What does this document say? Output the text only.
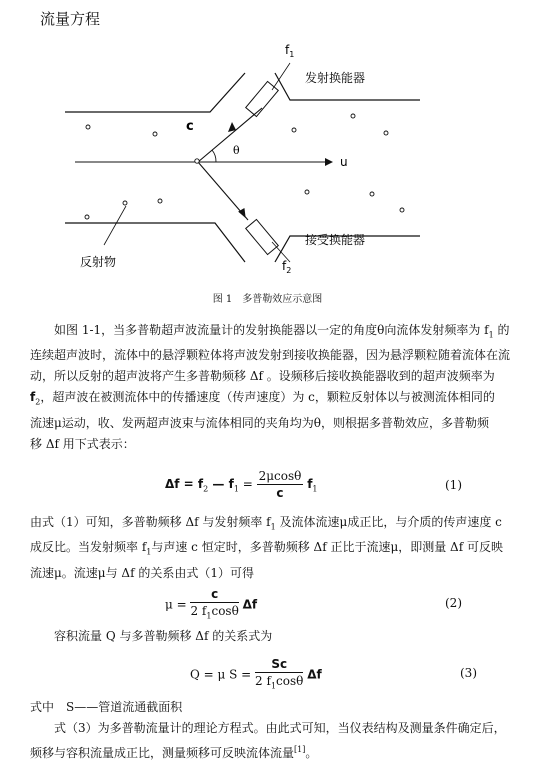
流量方程
$f_1$
发射换能器
c
θ
u
接受换能器
$f_2$
反射物
图 1　多普勒效应示意图
如图 1-1，当多普勒超声波流量计的发射换能器以一定的角度θ向流体发射频率为 $f_1$ 的
连续超声波时，流体中的悬浮颗粒体将声波发射到接收换能器，因为悬浮颗粒随着流体在流
动，所以反射的超声波将产生多普勒频移 Δf 。设频移后接收换能器收到的超声波频率为
$f_2$，超声波在被测流体中的传播速度（传声速度）为 c，颗粒反射体以与被测流体相同的
流速μ运动，收、发两超声波束与流体相同的夹角均为θ，则根据多普勒效应，多普勒频
移 Δf 用下式表示：
$\Delta f = f_2$ — $f_1 = \frac{2\mu\cos\theta}{c} f_1$	(1)
由式（1）可知，多普勒频移 Δf 与发射频率 $f_1$ 及流体流速μ成正比，与介质的传声速度 c
成反比。当发射频率 $f_1$与声速 c 恒定时，多普勒频移 Δf 正比于流速μ，即测量 Δf 可反映
流速μ。流速μ与 Δf 的关系由式（1）可得
$\mu = \frac{c}{2 f_1\cos\theta}$ Δf	(2)
容积流量 Q 与多普勒频移 Δf 的关系式为
Q = μ $S = \frac{Sc}{2 f_1\cos\theta}$ Δf	(3)
式中　S——管道流通截面积
式（3）为多普勒流量计的理论方程式。由此式可知，当仪表结构及测量条件确定后，
频移与容积流量成正比，测量频移可反映流体流量[1]。
